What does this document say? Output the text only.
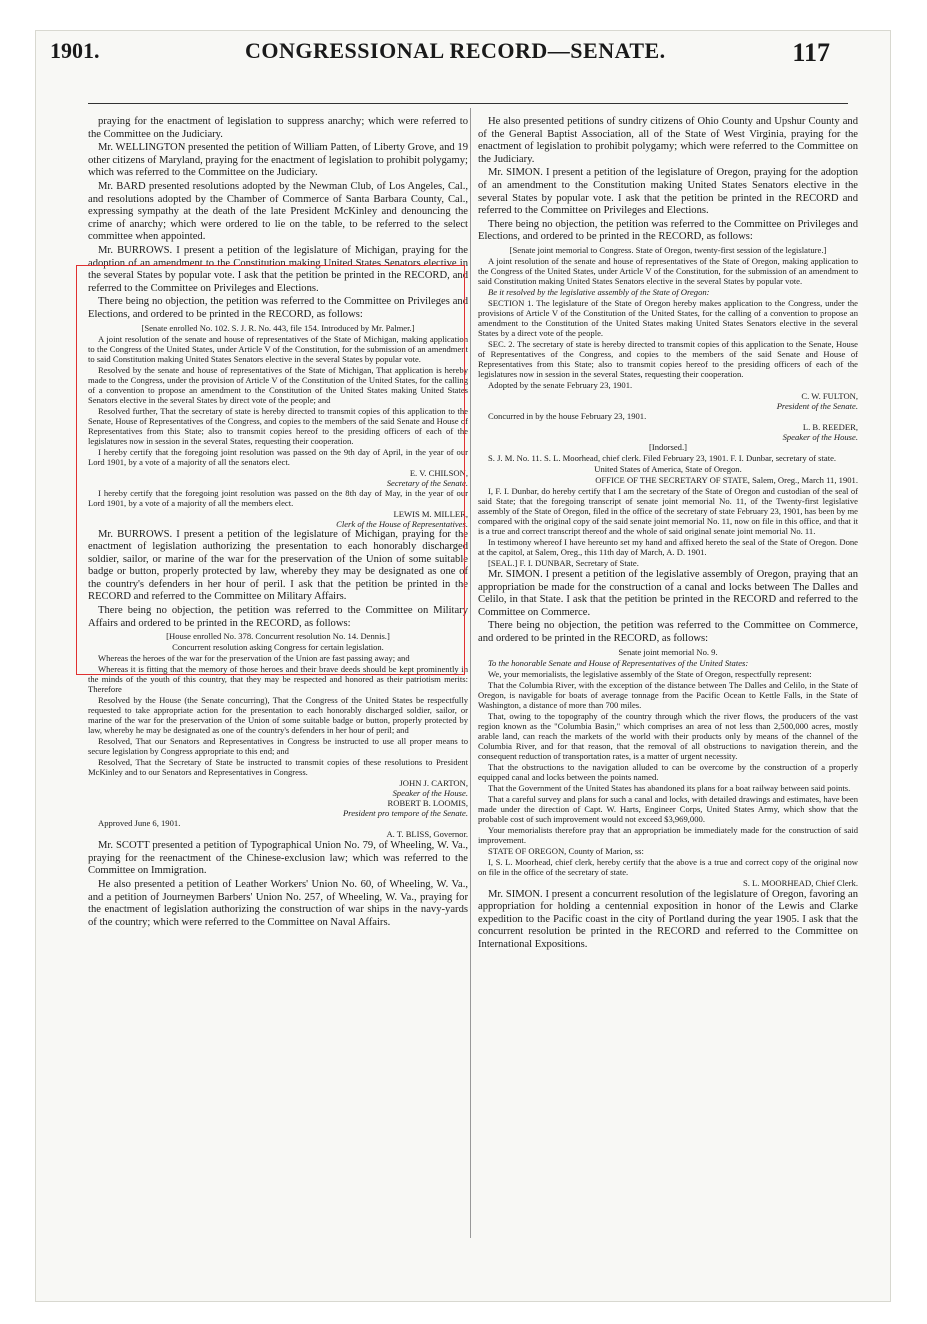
1901.	CONGRESSIONAL RECORD—SENATE.	117

praying for the enactment of legislation to suppress anarchy; which were referred to the Committee on the Judiciary.

Mr. WELLINGTON presented the petition of William Patten, of Liberty Grove, and 19 other citizens of Maryland, praying for the enactment of legislation to prohibit polygamy; which was referred to the Committee on the Judiciary.

Mr. BARD presented resolutions adopted by the Newman Club, of Los Angeles, Cal., and resolutions adopted by the Chamber of Commerce of Santa Barbara County, Cal., expressing sympathy at the death of the late President McKinley and denouncing the crime of anarchy; which were ordered to lie on the table, to be referred to the select committee when appointed.

Mr. BURROWS. I present a petition of the legislature of Michigan, praying for the adoption of an amendment to the Constitution making United States Senators elective in the several States by popular vote. I ask that the petition be printed in the RECORD, and referred to the Committee on Privileges and Elections.

There being no objection, the petition was referred to the Committee on Privileges and Elections, and ordered to be printed in the RECORD, as follows:

[Senate enrolled No. 102. S. J. R. No. 443, file 154. Introduced by Mr. Palmer.]

A joint resolution of the senate and house of representatives of the State of Michigan, making application to the Congress of the United States, under Article V of the Constitution, for the submission of an amendment to said Constitution making United States Senators elective in the several States by popular vote.

Resolved by the senate and house of representatives of the State of Michigan, That application is hereby made to the Congress, under the provision of Article V of the Constitution of the United States, for the calling of a convention to propose an amendment to the Constitution of the United States making United States Senators elective in the several States by direct vote of the people; and

Resolved further, That the secretary of state is hereby directed to transmit copies of this application to the Senate, House of Representatives of the Congress, and copies to the members of the said Senate and House of Representatives from this State; also to transmit copies hereof to the presiding officers of each of the legislatures now in session in the several States, requesting their cooperation.

I hereby certify that the foregoing joint resolution was passed on the 9th day of April, in the year of our Lord 1901, by a vote of a majority of all the senators elect.

E. V. CHILSON,
Secretary of the Senate.

I hereby certify that the foregoing joint resolution was passed on the 8th day of May, in the year of our Lord 1901, by a vote of a majority of all the members elect.

LEWIS M. MILLER,
Clerk of the House of Representatives.

Mr. BURROWS. I present a petition of the legislature of Michigan, praying for the enactment of legislation authorizing the presentation to each honorably discharged soldier, sailor, or marine of the war for the preservation of the Union of some suitable badge or button, properly protected by law, whereby they may be designated as one of the country's defenders in her hour of peril. I ask that the petition be printed in the RECORD and referred to the Committee on Military Affairs.

There being no objection, the petition was referred to the Committee on Military Affairs and ordered to be printed in the RECORD, as follows:

[House enrolled No. 378. Concurrent resolution No. 14. Dennis.]

Concurrent resolution asking Congress for certain legislation.

Whereas the heroes of the war for the preservation of the Union are fast passing away; and

Whereas it is fitting that the memory of those heroes and their brave deeds should be kept prominently in the minds of the youth of this country, that they may be respected and honored as their patriotism merits: Therefore

Resolved by the House (the Senate concurring), That the Congress of the United States be respectfully requested to take appropriate action for the presentation to each honorably discharged soldier, sailor, or marine of the war for the preservation of the Union of some suitable badge or button, properly protected by law, whereby he may be designated as one of the country's defenders in her hour of peril; and

Resolved, That our Senators and Representatives in Congress be instructed to use all proper means to secure legislation by Congress appropriate to this end; and

Resolved, That the Secretary of State be instructed to transmit copies of these resolutions to President McKinley and to our Senators and Representatives in Congress.

JOHN J. CARTON,
Speaker of the House.
ROBERT B. LOOMIS,
President pro tempore of the Senate.

Approved June 6, 1901.

A. T. BLISS, Governor.

Mr. SCOTT presented a petition of Typographical Union No. 79, of Wheeling, W. Va., praying for the reenactment of the Chinese-exclusion law; which was referred to the Committee on Immigration.

He also presented a petition of Leather Workers' Union No. 60, of Wheeling, W. Va., and a petition of Journeymen Barbers' Union No. 257, of Wheeling, W. Va., praying for the enactment of legislation authorizing the construction of war ships in the navy-yards of the country; which were referred to the Committee on Naval Affairs.

He also presented petitions of sundry citizens of Ohio County and Upshur County and of the General Baptist Association, all of the State of West Virginia, praying for the enactment of legislation to prohibit polygamy; which were referred to the Committee on the Judiciary.

Mr. SIMON. I present a petition of the legislature of Oregon, praying for the adoption of an amendment to the Constitution making United States Senators elective in the several States by popular vote. I ask that the petition be printed in the RECORD and referred to the Committee on Privileges and Elections.

There being no objection, the petition was referred to the Committee on Privileges and Elections, and ordered to be printed in the RECORD, as follows:

[Senate joint memorial to Congress. State of Oregon, twenty-first session of the legislature.]

A joint resolution of the senate and house of representatives of the State of Oregon, making application to the Congress of the United States, under Article V of the Constitution, for the submission of an amendment to said Constitution making United States Senators elective in the several States by popular vote.

Be it resolved by the legislative assembly of the State of Oregon:

SECTION 1. The legislature of the State of Oregon hereby makes application to the Congress, under the provisions of Article V of the Constitution of the United States, for the calling of a convention to propose an amendment to the Constitution of the United States making United States Senators elective in the several States by a direct vote of the people.

SEC. 2. The secretary of state is hereby directed to transmit copies of this application to the Senate, House of Representatives of the Congress, and copies to the members of the said Senate and House of Representatives from this State; also to transmit copies hereof to the presiding officers of each of the legislatures now in session in the several States, requesting their cooperation.

Adopted by the senate February 23, 1901.

C. W. FULTON,
President of the Senate.

Concurred in by the house February 23, 1901.

L. B. REEDER,
Speaker of the House.

[Indorsed.]

S. J. M. No. 11. S. L. Moorhead, chief clerk. Filed February 23, 1901. F. I. Dunbar, secretary of state.

United States of America, State of Oregon.

OFFICE OF THE SECRETARY OF STATE, Salem, Oreg., March 11, 1901.

I, F. I. Dunbar, do hereby certify that I am the secretary of the State of Oregon and custodian of the seal of said State; that the foregoing transcript of senate joint memorial No. 11, of the Twenty-first legislative assembly of the State of Oregon, filed in the office of the secretary of state February 23, 1901, has been by me compared with the original copy of the said senate joint memorial No. 11, now on file in this office, and that it is a true and correct transcript thereof and the whole of said original senate joint memorial No. 11.

In testimony whereof I have hereunto set my hand and affixed hereto the seal of the State of Oregon. Done at the capitol, at Salem, Oreg., this 11th day of March, A. D. 1901.

[SEAL.] F. I. DUNBAR, Secretary of State.

Mr. SIMON. I present a petition of the legislative assembly of Oregon, praying that an appropriation be made for the construction of a canal and locks between The Dalles and Celilo, in that State. I ask that the petition be printed in the RECORD and referred to the Committee on Commerce.

There being no objection, the petition was referred to the Committee on Commerce, and ordered to be printed in the RECORD, as follows:

Senate joint memorial No. 9.

To the honorable Senate and House of Representatives of the United States:

We, your memorialists, the legislative assembly of the State of Oregon, respectfully represent:

That the Columbia River, with the exception of the distance between The Dalles and Celilo, in the State of Oregon, is navigable for boats of average tonnage from the Pacific Ocean to Kettle Falls, in the State of Washington, a distance of more than 700 miles.

That, owing to the topography of the country through which the river flows, the producers of the vast region known as the "Columbia Basin," which comprises an area of not less than 2,500,000 acres, mostly arable land, can reach the markets of the world with their products only by means of the channel of the Columbia River, and for that reason, that the removal of all obstructions to navigation therein, and the consequent reduction of transportation rates, is a matter of urgent necessity.

That the obstructions to the navigation alluded to can be overcome by the construction of a properly equipped canal and locks between the points named.

That the Government of the United States has abandoned its plans for a boat railway between said points.

That a careful survey and plans for such a canal and locks, with detailed drawings and estimates, have been made under the direction of Capt. W. Harts, Engineer Corps, United States Army, which show that the probable cost of such improvement would not exceed $3,969,000.

Your memorialists therefore pray that an appropriation be immediately made for the construction of said improvement.

STATE OF OREGON, County of Marion, ss:

I, S. L. Moorhead, chief clerk, hereby certify that the above is a true and correct copy of the original now on file in the office of the secretary of state.

S. L. MOORHEAD, Chief Clerk.

Mr. SIMON. I present a concurrent resolution of the legislature of Oregon, favoring an appropriation for holding a centennial exposition in honor of the Lewis and Clarke expedition to the Pacific coast in the city of Portland during the year 1905. I ask that the concurrent resolution be printed in the RECORD and referred to the Committee on International Expositions.
